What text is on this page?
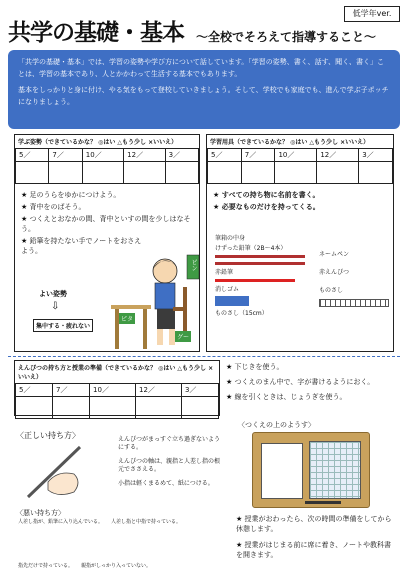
共学の基礎・基本 〜全校でそろえて指導すること〜
低学年ver.

「共学の基礎・基本」では、学習の姿勢や学び方について話しています。「学習の姿勢、書く、話す、聞く、書く」ことは、学習の基本であり、人とかかわって生活する基本でもあります。

基本をしっかりと身に付け、やる気をもって登校していきましょう。そして、学校でも家庭でも、進んで学ぶ子ポッチになりましょう。

学ぶ姿勢（できているかな？ ◎はい △もう少し ×いいえ）
5／	7／	10／	12／	3／

★ 足のうらをゆかにつけよう。
★ 背中をのばそう。
★ つくえとおなかの間、背中といすの間を少しはなそう。
★ 鉛筆を持たない手でノートをおさえよう。
よい姿勢
⇩
集中する・疲れない
ピン
ピタ
グー
学習用具（できているかな？ ◎はい △もう少し ×いいえ）
5／	7／	10／	12／	3／

★ すべての持ち物に名前を書く。
★ 必要なものだけを持ってくる。
筆箱の中身
けずった鉛筆（2B〜4本）
赤鉛筆
消しゴム
ものさし（15cm）
ネームペン
赤えんぴつ
ものさし
えんぴつの持ち方と授業の準備（できているかな？ ◎はい △もう少し ×いいえ）
5／	7／	10／	12／	3／

〈正しい持ち方〉	えんぴつがまっすぐ立ち過ぎないようにする。
えんぴつの軸は、親指と人差し指の根元でささえる。
小指は軽くまるめて、紙につける。
〈悪い持ち方〉
人差し指が、鉛筆に入り込んでいる。 人差し指と中指で持っている。
指先だけで持っている。 親指がしっかり入っていない。
★ 下じきを使う。
★ つくえのまん中で、字が書けるようにおく。
★ 線を引くときは、じょうぎを使う。
〈つくえの上のようす〉
★ 授業がおわったら、次の時間の準備をしてから休憩します。
★ 授業がはじまる前に席に着き、ノートや教科書を開きます。
